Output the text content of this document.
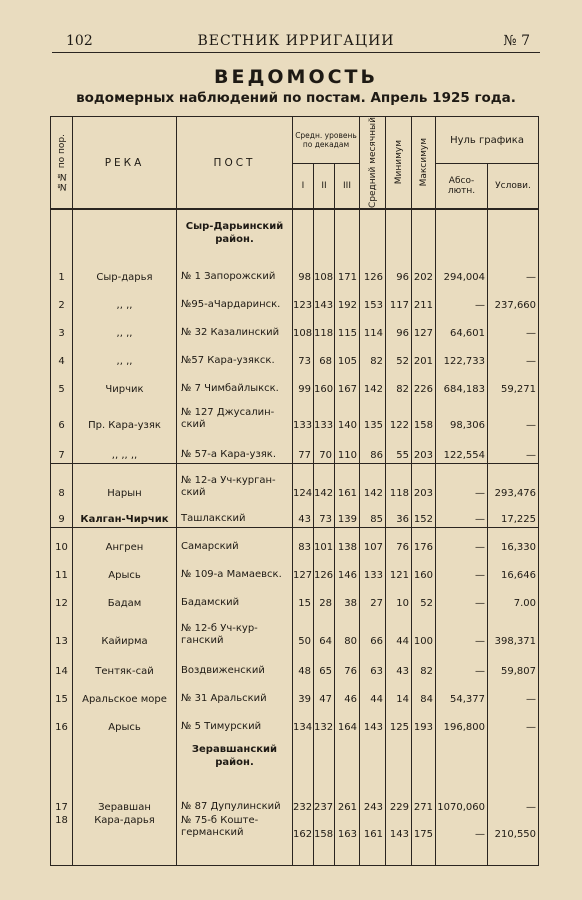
102	ВЕСТНИК ИРРИГАЦИИ	№ 7
ВЕДОМОСТЬ
водомерных наблюдений по постам. Апрель 1925 года.
№№ по пор.	РЕКА	ПОСТ	Средн. уровень по декадам			Средний месячный	Минимум	Максимум	Нуль графика	
			I	II	III				Абсо-лютн.	Услови.
		Сыр-Дарьинский район.								
1	Сыр-дарья	№ 1 Запорожский	98	108	171	126	96	202	294,004	—
2	,, ,,	№95-аЧардаринск.	123	143	192	153	117	211	—	237,660
3	,, ,,	№ 32 Казалинский	108	118	115	114	96	127	64,601	—
4	,, ,,	№57 Кара-узякск.	73	68	105	82	52	201	122,733	—
5	Чирчик	№ 7 Чимбайлыкск.	99	160	167	142	82	226	684,183	59,271
6	Пр. Кара-узяк	№ 127 Джусалин-ский	133	133	140	135	122	158	98,306	—
7	,, ,, ,,	№ 57-а Кара-узяк.	77	70	110	86	55	203	122,554	—
8	Нарын	№ 12-а Уч-курган-ский	124	142	161	142	118	203	—	293,476
9	Калган-Чирчик	Ташлакский	43	73	139	85	36	152	—	17,225
10	Ангрен	Самарский	83	101	138	107	76	176	—	16,330
11	Арысь	№ 109-а Мамаевск.	127	126	146	133	121	160	—	16,646
12	Бадам	Бадамский	15	28	38	27	10	52	—	7.00
13	Кайирма	№ 12-б Уч-кур-ганский	50	64	80	66	44	100	—	398,371
14	Тентяк-сай	Воздвиженский	48	65	76	63	43	82	—	59,807
15	Аральское море	№ 31 Аральский	39	47	46	44	14	84	54,377	—
16	Арысь	№ 5 Тимурский	134	132	164	143	125	193	196,800	—
		Зеравшанский район.								
17	Зеравшан	№ 87 Дупулинский	232	237	261	243	229	271	1070,060	—
18	Кара-дарья	№ 75-б Коште-германский	162	158	163	161	143	175	—	210,550
